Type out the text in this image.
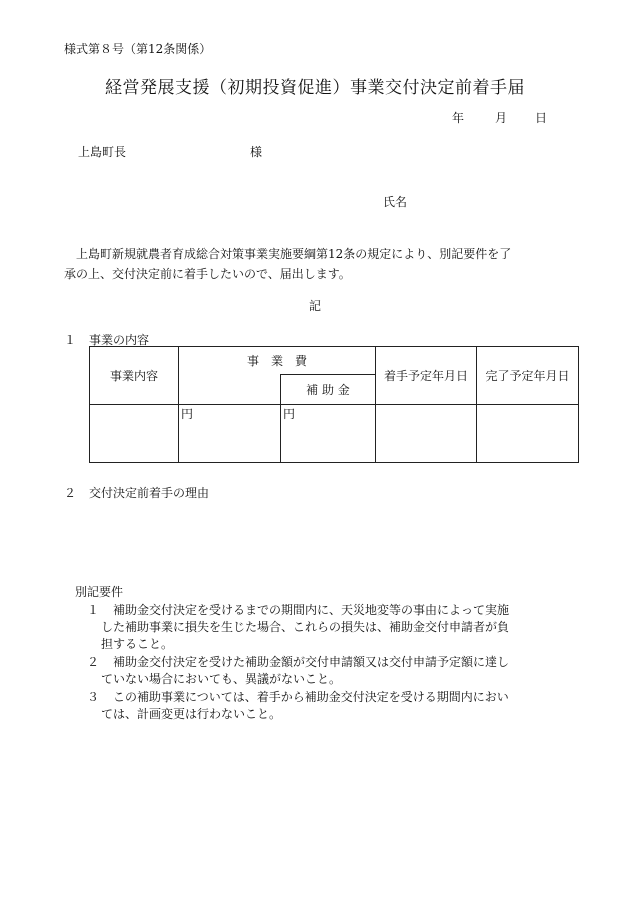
様式第８号（第12条関係）
経営発展支援（初期投資促進）事業交付決定前着手届
年	月 日
上島町長	様
氏名
上島町新規就農者育成総合対策事業実施要綱第12条の規定により、別記要件を了
承の上、交付決定前に着手したいので、届出します。
記
１ 事業の内容
事業内容	事　業　費		着手予定年月日	完了予定年月日
		補 助 金		
	円	円		
２ 交付決定前着手の理由
別記要件
１ 補助金交付決定を受けるまでの期間内に、天災地変等の事由によって実施
した補助事業に損失を生じた場合、これらの損失は、補助金交付申請者が負
担すること。
２ 補助金交付決定を受けた補助金額が交付申請額又は交付申請予定額に達し
ていない場合においても、異議がないこと。
３ この補助事業については、着手から補助金交付決定を受ける期間内におい
ては、計画変更は行わないこと。
